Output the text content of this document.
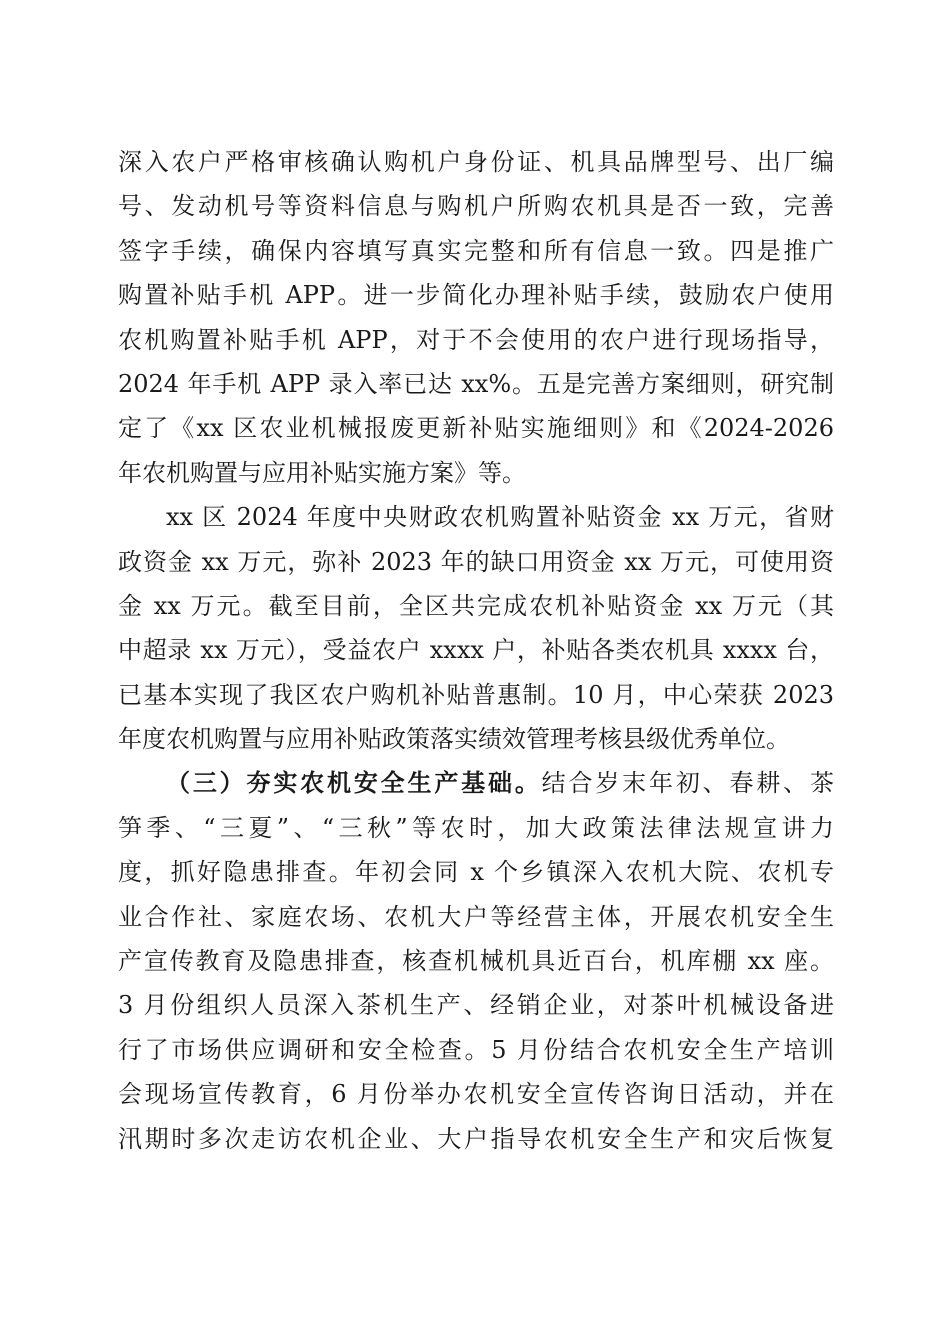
深入农户严格审核确认购机户身份证、机具品牌型号、出厂编
号、发动机号等资料信息与购机户所购农机具是否一致，完善
签字手续，确保内容填写真实完整和所有信息一致。四是推广
购置补贴手机 APP。进一步简化办理补贴手续，鼓励农户使用
农机购置补贴手机 APP，对于不会使用的农户进行现场指导，
2024 年手机 APP 录入率已达 xx%。五是完善方案细则，研究制
定了《xx 区农业机械报废更新补贴实施细则》和《2024-2026
年农机购置与应用补贴实施方案》等。
xx 区 2024 年度中央财政农机购置补贴资金 xx 万元，省财
政资金 xx 万元，弥补 2023 年的缺口用资金 xx 万元，可使用资
金 xx 万元。截至目前，全区共完成农机补贴资金 xx 万元（其
中超录 xx 万元），受益农户 xxxx 户，补贴各类农机具 xxxx 台，
已基本实现了我区农户购机补贴普惠制。10 月，中心荣获 2023
年度农机购置与应用补贴政策落实绩效管理考核县级优秀单位。
（三）夯实农机安全生产基础。结合岁末年初、春耕、茶
笋季、“三夏”、“三秋”等农时，加大政策法律法规宣讲力
度，抓好隐患排查。年初会同 x 个乡镇深入农机大院、农机专
业合作社、家庭农场、农机大户等经营主体，开展农机安全生
产宣传教育及隐患排查，核查机械机具近百台，机库棚 xx 座。
3 月份组织人员深入茶机生产、经销企业，对茶叶机械设备进
行了市场供应调研和安全检查。5 月份结合农机安全生产培训
会现场宣传教育，6 月份举办农机安全宣传咨询日活动，并在
汛期时多次走访农机企业、大户指导农机安全生产和灾后恢复
